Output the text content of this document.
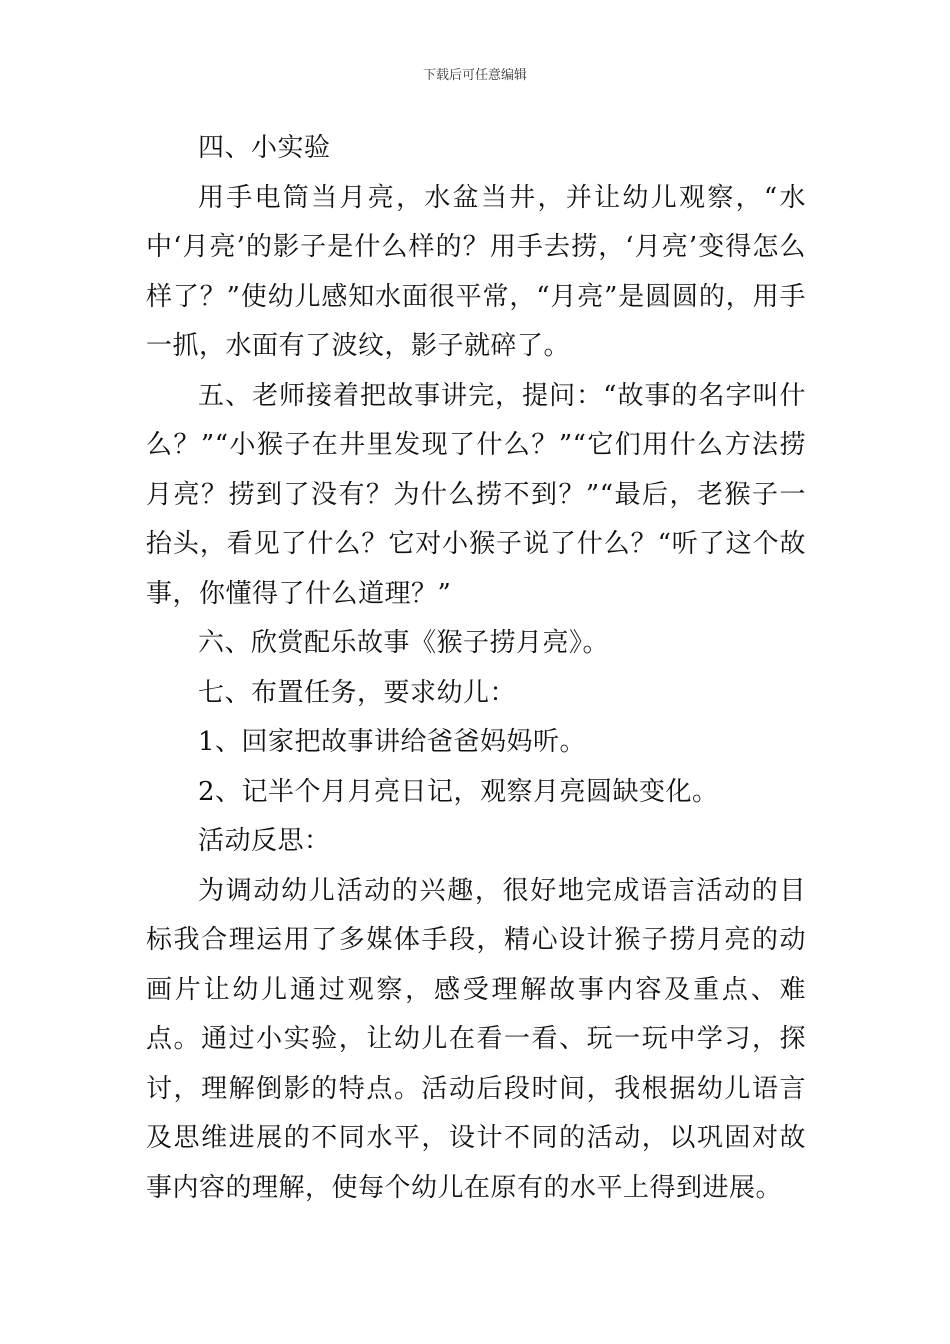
下载后可任意编辑

四、小实验

用手电筒当月亮，水盆当井，并让幼儿观察，“水中‘月亮’的影子是什么样的？用手去捞，‘月亮’变得怎么样了？”使幼儿感知水面很平常，“月亮”是圆圆的，用手一抓，水面有了波纹，影子就碎了。

五、老师接着把故事讲完，提问：“故事的名字叫什么？”“小猴子在井里发现了什么？”“它们用什么方法捞月亮？捞到了没有？为什么捞不到？”“最后，老猴子一抬头，看见了什么？它对小猴子说了什么？“听了这个故事，你懂得了什么道理？”

六、欣赏配乐故事《猴子捞月亮》。

七、布置任务，要求幼儿：

1、回家把故事讲给爸爸妈妈听。

2、记半个月月亮日记，观察月亮圆缺变化。

活动反思：

为调动幼儿活动的兴趣，很好地完成语言活动的目标我合理运用了多媒体手段，精心设计猴子捞月亮的动画片让幼儿通过观察，感受理解故事内容及重点、难点。通过小实验，让幼儿在看一看、玩一玩中学习，探讨，理解倒影的特点。活动后段时间，我根据幼儿语言及思维进展的不同水平，设计不同的活动，以巩固对故事内容的理解，使每个幼儿在原有的水平上得到进展。
